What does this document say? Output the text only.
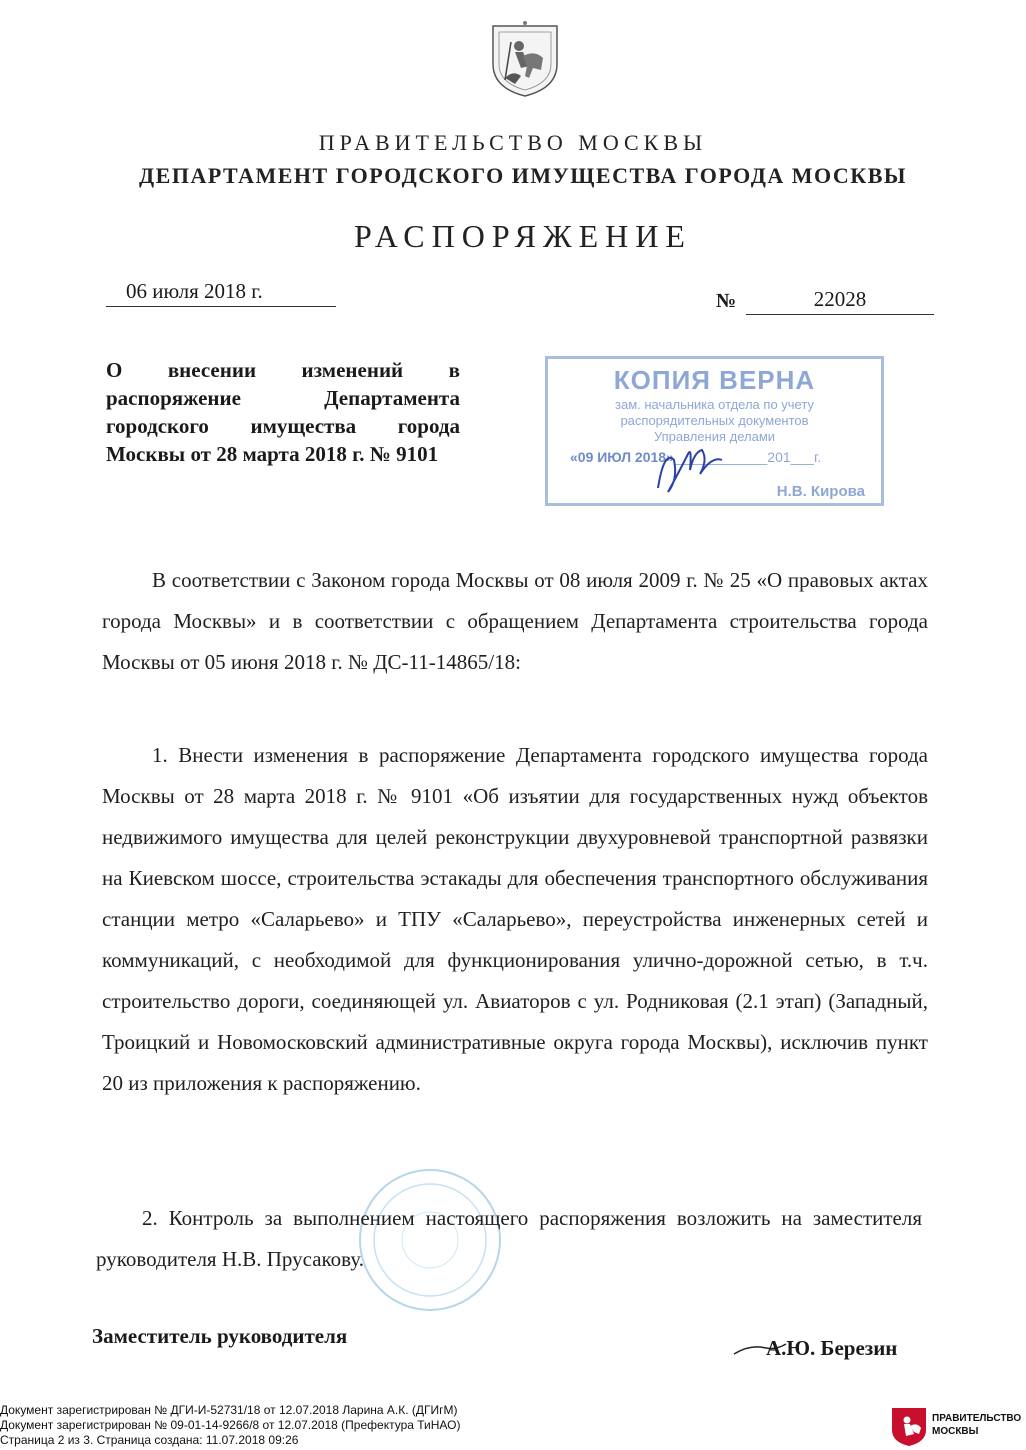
ПРАВИТЕЛЬСТВО МОСКВЫ
ДЕПАРТАМЕНТ ГОРОДСКОГО ИМУЩЕСТВА ГОРОДА МОСКВЫ
РАСПОРЯЖЕНИЕ
06 июля 2018 г.	№	22028
О внесении изменений в распоряжение Департамента городского имущества города Москвы от 28 марта 2018 г. № 9101
КОПИЯ ВЕРНА
зам. начальника отдела по учету
распорядительных документов
Управления делами
«09 ИЮЛ 2018»____________201___г.
Н.В. Кирова
В соответствии с Законом города Москвы от 08 июля 2009 г. № 25 «О правовых актах города Москвы» и в соответствии с обращением Департамента строительства города Москвы от 05 июня 2018 г. № ДС-11-14865/18:
1. Внести изменения в распоряжение Департамента городского имущества города Москвы от 28 марта 2018 г. № 9101 «Об изъятии для государственных нужд объектов недвижимого имущества для целей реконструкции двухуровневой транспортной развязки на Киевском шоссе, строительства эстакады для обеспечения транспортного обслуживания станции метро «Саларьево» и ТПУ «Саларьево», переустройства инженерных сетей и коммуникаций, с необходимой для функционирования улично-дорожной сетью, в т.ч. строительство дороги, соединяющей ул. Авиаторов с ул. Родниковая (2.1 этап) (Западный, Троицкий и Новомосковский административные округа города Москвы), исключив пункт 20 из приложения к распоряжению.
2. Контроль за выполнением настоящего распоряжения возложить на заместителя руководителя Н.В. Прусакову.
Заместитель руководителя	А.Ю. Березин
Документ зарегистрирован № ДГИ-И-52731/18 от 12.07.2018 Ларина А.К. (ДГИгМ)
Документ зарегистрирован № 09-01-14-9266/8 от 12.07.2018 (Префектура ТиНАО)
Страница 2 из 3. Страница создана: 11.07.2018 09:26
ПРАВИТЕЛЬСТВО
МОСКВЫ
